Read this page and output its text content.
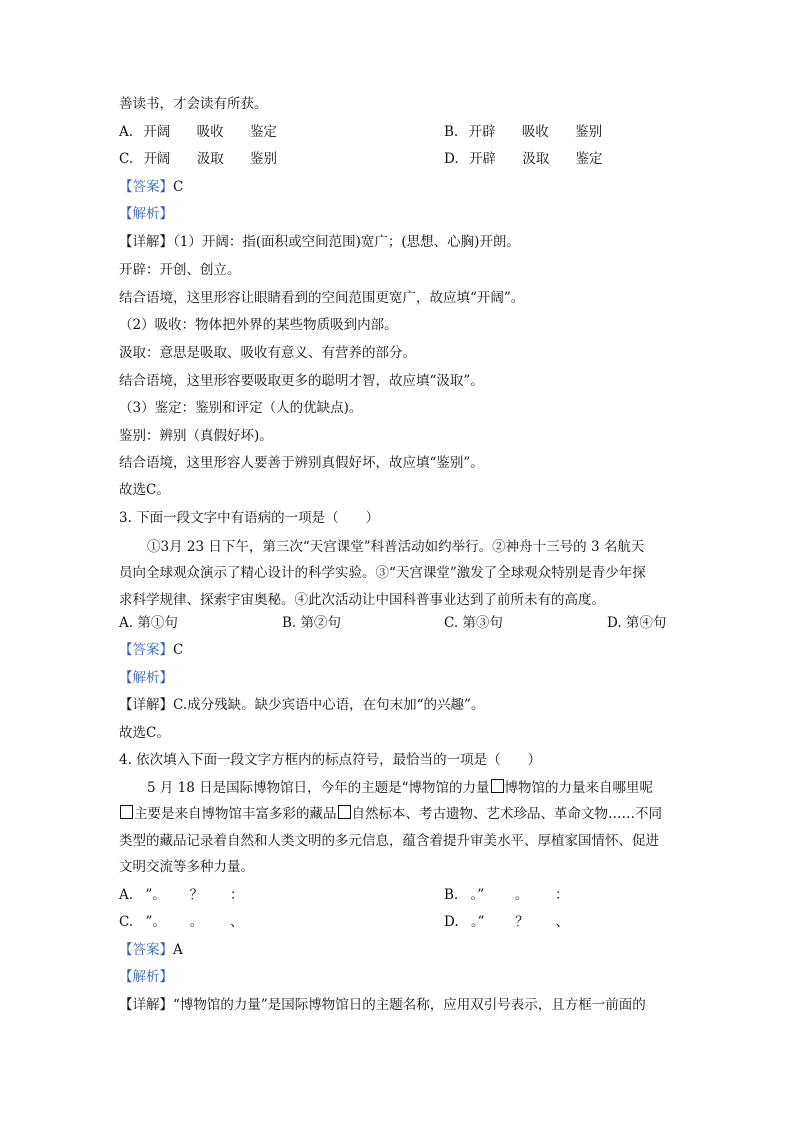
善读书，才会读有所获。
A. 开阔 吸收 鉴定	B. 开辟 吸收 鉴别
C. 开阔 汲取 鉴别	D. 开辟 汲取 鉴定
【答案】C
【解析】
【详解】（1）开阔：指(面积或空间范围)宽广；(思想、心胸)开朗。
开辟：开创、创立。
结合语境，这里形容让眼睛看到的空间范围更宽广，故应填“开阔”。
（2）吸收：物体把外界的某些物质吸到内部。
汲取：意思是吸取、吸收有意义、有营养的部分。
结合语境，这里形容要吸取更多的聪明才智，故应填“汲取”。
（3）鉴定：鉴别和评定（人的优缺点)。
鉴别：辨别（真假好坏)。
结合语境，这里形容人要善于辨别真假好坏，故应填“鉴别”。
故选C。
3. 下面一段文字中有语病的一项是（　　）
①3月 23 日下午，第三次“天宫课堂”科普活动如约举行。②神舟十三号的 3 名航天
员向全球观众演示了精心设计的科学实验。③“天宫课堂”激发了全球观众特别是青少年探
求科学规律、探索宇宙奥秘。④此次活动让中国科普事业达到了前所未有的高度。
A. 第①句	B. 第②句	C. 第③句	D. 第④句
【答案】C
【解析】
【详解】C.成分残缺。缺少宾语中心语，在句末加“的兴趣”。
故选C。
4. 依次填入下面一段文字方框内的标点符号，最恰当的一项是（　　）
5 月 18 日是国际博物馆日，今年的主题是“博物馆的力量 博物馆的力量来自哪里呢
主要是来自博物馆丰富多彩的藏品 自然标本、考古遗物、艺术珍品、革命文物……不同
类型的藏品记录着自然和人类文明的多元信息，蕴含着提升审美水平、厚植家国情怀、促进
文明交流等多种力量。
A. ”。 ？ ：	B. 。” 。 ：
C. ”。 。 、	D. 。” ？ 、
【答案】A
【解析】
【详解】“博物馆的力量”是国际博物馆日的主题名称，应用双引号表示，且方框一前面的
